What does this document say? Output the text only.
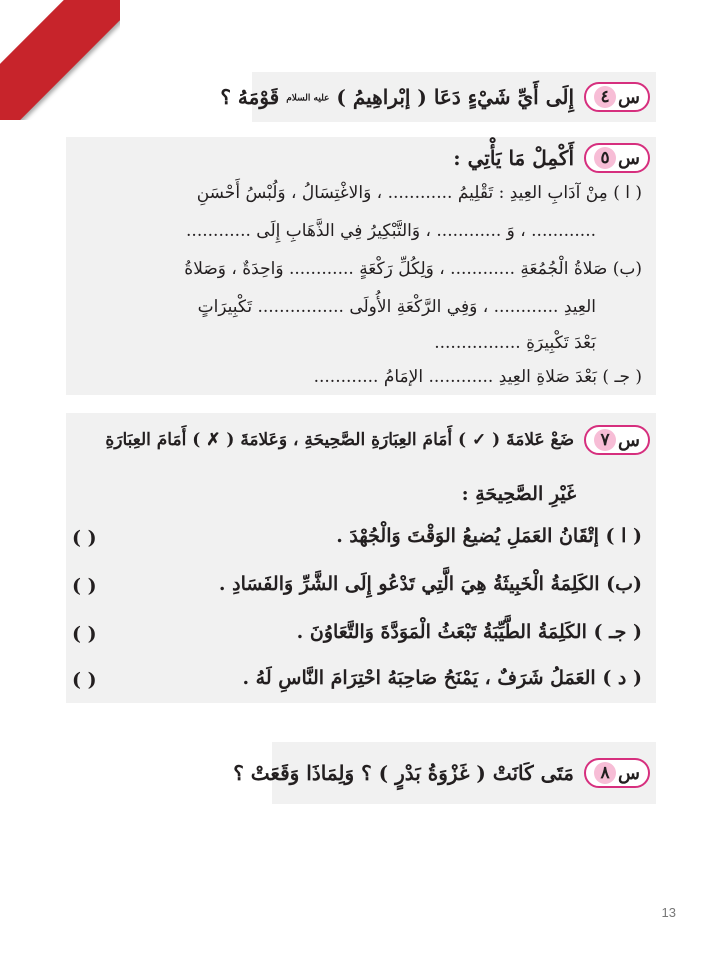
س
٤
إِلَى أَيِّ شَيْءٍ دَعَا ( إبْراهِيمُ ) عليه السلام قَوْمَهُ ؟
س
٥
أَكْمِلْ مَا يَأْتِي :
( ا ) مِنْ آدَابِ العِيدِ : تَقْلِيمُ ............ ، وَالاغْتِسَالُ ، وَلُبْسُ أَحْسَنِ
............ ، وَ ............ ، وَالتَّبْكِيرُ فِي الذَّهَابِ إِلَى ............
(ب) صَلاةُ الْجُمُعَةِ ............ ، وَلِكُلِّ رَكْعَةٍ ............ وَاحِدَةٌ ، وَصَلاةُ
العِيدِ ............ ، وَفِي الرَّكْعَةِ الأُولَى ................ تَكْبِيرَاتٍ
بَعْدَ تَكْبِيرَةِ ................
( جـ ) بَعْدَ صَلاةِ العِيدِ ............ الإمَامُ ............
س
٧
ضَعْ عَلامَةَ ( ✓ ) أَمَامَ العِبَارَةِ الصَّحِيحَةِ ، وَعَلامَةَ ( ✗ ) أَمَامَ العِبَارَةِ
غَيْرِ الصَّحِيحَةِ :
( ا ) إتْقَانُ العَمَلِ يُضيعُ الوَقْتَ وَالْجُهْدَ .
( )
(ب) الكَلِمَةُ الْخَبِيثَةُ هِيَ الَّتِي تَدْعُو إِلَى الشَّرِّ وَالفَسَادِ .
( )
( جـ ) الكَلِمَةُ الطَّيِّبَةُ تَبْعَثُ الْمَوَدَّةَ وَالتَّعَاوُنَ .
( )
( د ) العَمَلُ شَرَفٌ ، يَمْنَحُ صَاحِبَهُ احْتِرَامَ النَّاسِ لَهُ .
( )
س
٨
مَتَى كَانَتْ ( غَزْوَةُ بَدْرٍ ) ؟ وَلِمَاذَا وَقَعَتْ ؟
13
